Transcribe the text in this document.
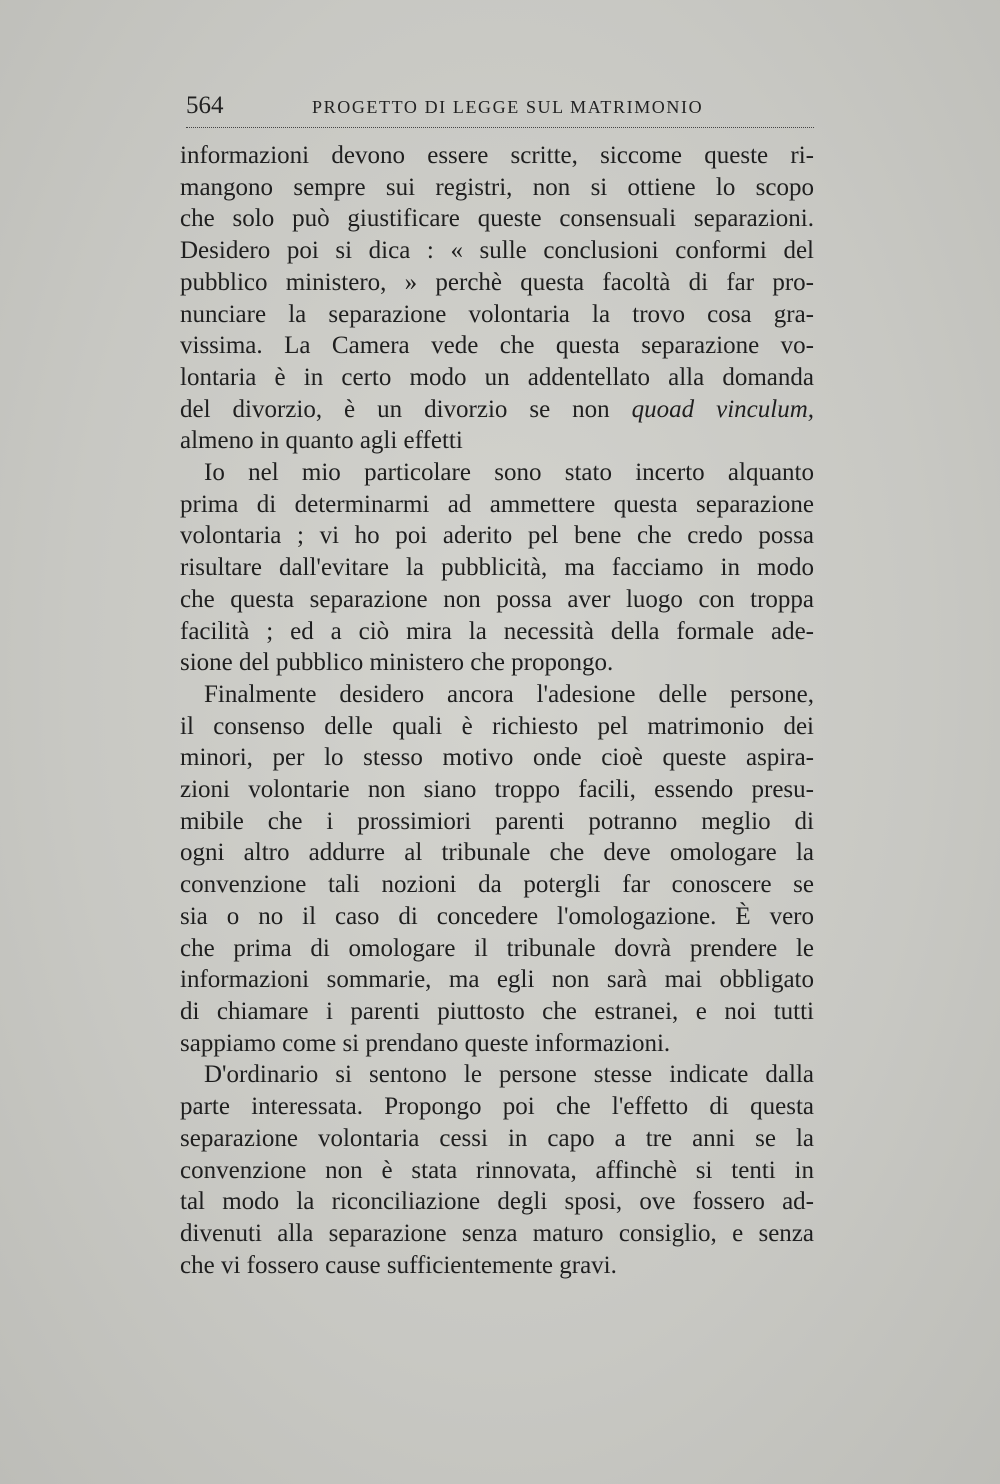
564	PROGETTO DI LEGGE SUL MATRIMONIO

informazioni devono essere scritte, siccome queste ri-

mangono sempre sui registri, non si ottiene lo scopo

che solo può giustificare queste consensuali separazioni.

Desidero poi si dica : « sulle conclusioni conformi del

pubblico ministero, » perchè questa facoltà di far pro-

nunciare la separazione volontaria la trovo cosa gra-

vissima. La Camera vede che questa separazione vo-

lontaria è in certo modo un addentellato alla domanda

del divorzio, è un divorzio se non quoad vinculum,

almeno in quanto agli effetti

Io nel mio particolare sono stato incerto alquanto

prima di determinarmi ad ammettere questa separazione

volontaria ; vi ho poi aderito pel bene che credo possa

risultare dall'evitare la pubblicità, ma facciamo in modo

che questa separazione non possa aver luogo con troppa

facilità ; ed a ciò mira la necessità della formale ade-

sione del pubblico ministero che propongo.

Finalmente desidero ancora l'adesione delle persone,

il consenso delle quali è richiesto pel matrimonio dei

minori, per lo stesso motivo onde cioè queste aspira-

zioni volontarie non siano troppo facili, essendo presu-

mibile che i prossimiori parenti potranno meglio di

ogni altro addurre al tribunale che deve omologare la

convenzione tali nozioni da potergli far conoscere se

sia o no il caso di concedere l'omologazione. È vero

che prima di omologare il tribunale dovrà prendere le

informazioni sommarie, ma egli non sarà mai obbligato

di chiamare i parenti piuttosto che estranei, e noi tutti

sappiamo come si prendano queste informazioni.

D'ordinario si sentono le persone stesse indicate dalla

parte interessata. Propongo poi che l'effetto di questa

separazione volontaria cessi in capo a tre anni se la

convenzione non è stata rinnovata, affinchè si tenti in

tal modo la riconciliazione degli sposi, ove fossero ad-

divenuti alla separazione senza maturo consiglio, e senza

che vi fossero cause sufficientemente gravi.
